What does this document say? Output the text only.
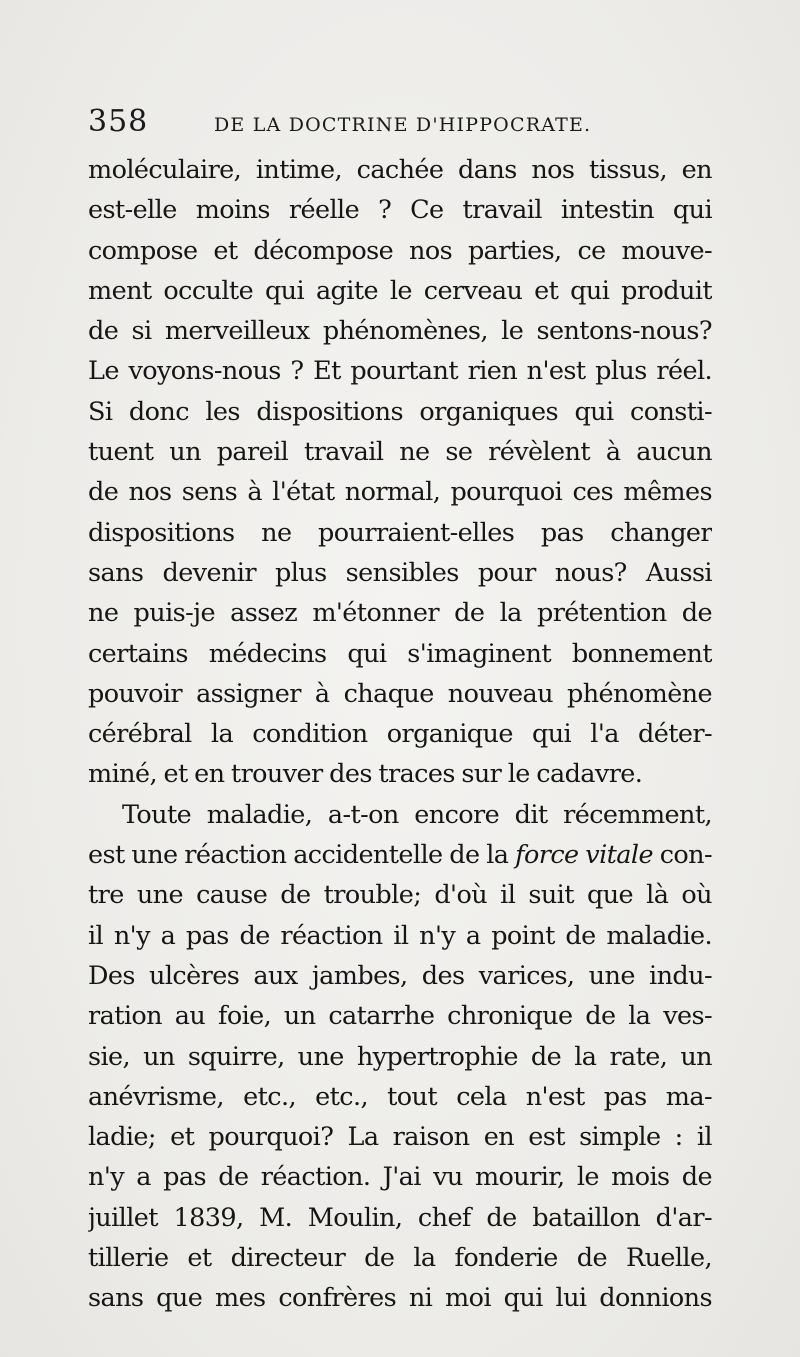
358	DE LA DOCTRINE D'HIPPOCRATE.
moléculaire, intime, cachée dans nos tissus, en
est-elle moins réelle ? Ce travail intestin qui
compose et décompose nos parties, ce mouve-
ment occulte qui agite le cerveau et qui produit
de si merveilleux phénomènes, le sentons-nous?
Le voyons-nous ? Et pourtant rien n'est plus réel.
Si donc les dispositions organiques qui consti-
tuent un pareil travail ne se révèlent à aucun
de nos sens à l'état normal, pourquoi ces mêmes
dispositions ne pourraient-elles pas changer
sans devenir plus sensibles pour nous? Aussi
ne puis-je assez m'étonner de la prétention de
certains médecins qui s'imaginent bonnement
pouvoir assigner à chaque nouveau phénomène
cérébral la condition organique qui l'a déter-
miné, et en trouver des traces sur le cadavre.
Toute maladie, a-t-on encore dit récemment,
est une réaction accidentelle de la force vitale con-
tre une cause de trouble; d'où il suit que là où
il n'y a pas de réaction il n'y a point de maladie.
Des ulcères aux jambes, des varices, une indu-
ration au foie, un catarrhe chronique de la ves-
sie, un squirre, une hypertrophie de la rate, un
anévrisme, etc., etc., tout cela n'est pas ma-
ladie; et pourquoi? La raison en est simple : il
n'y a pas de réaction. J'ai vu mourir, le mois de
juillet 1839, M. Moulin, chef de bataillon d'ar-
tillerie et directeur de la fonderie de Ruelle,
sans que mes confrères ni moi qui lui donnions
